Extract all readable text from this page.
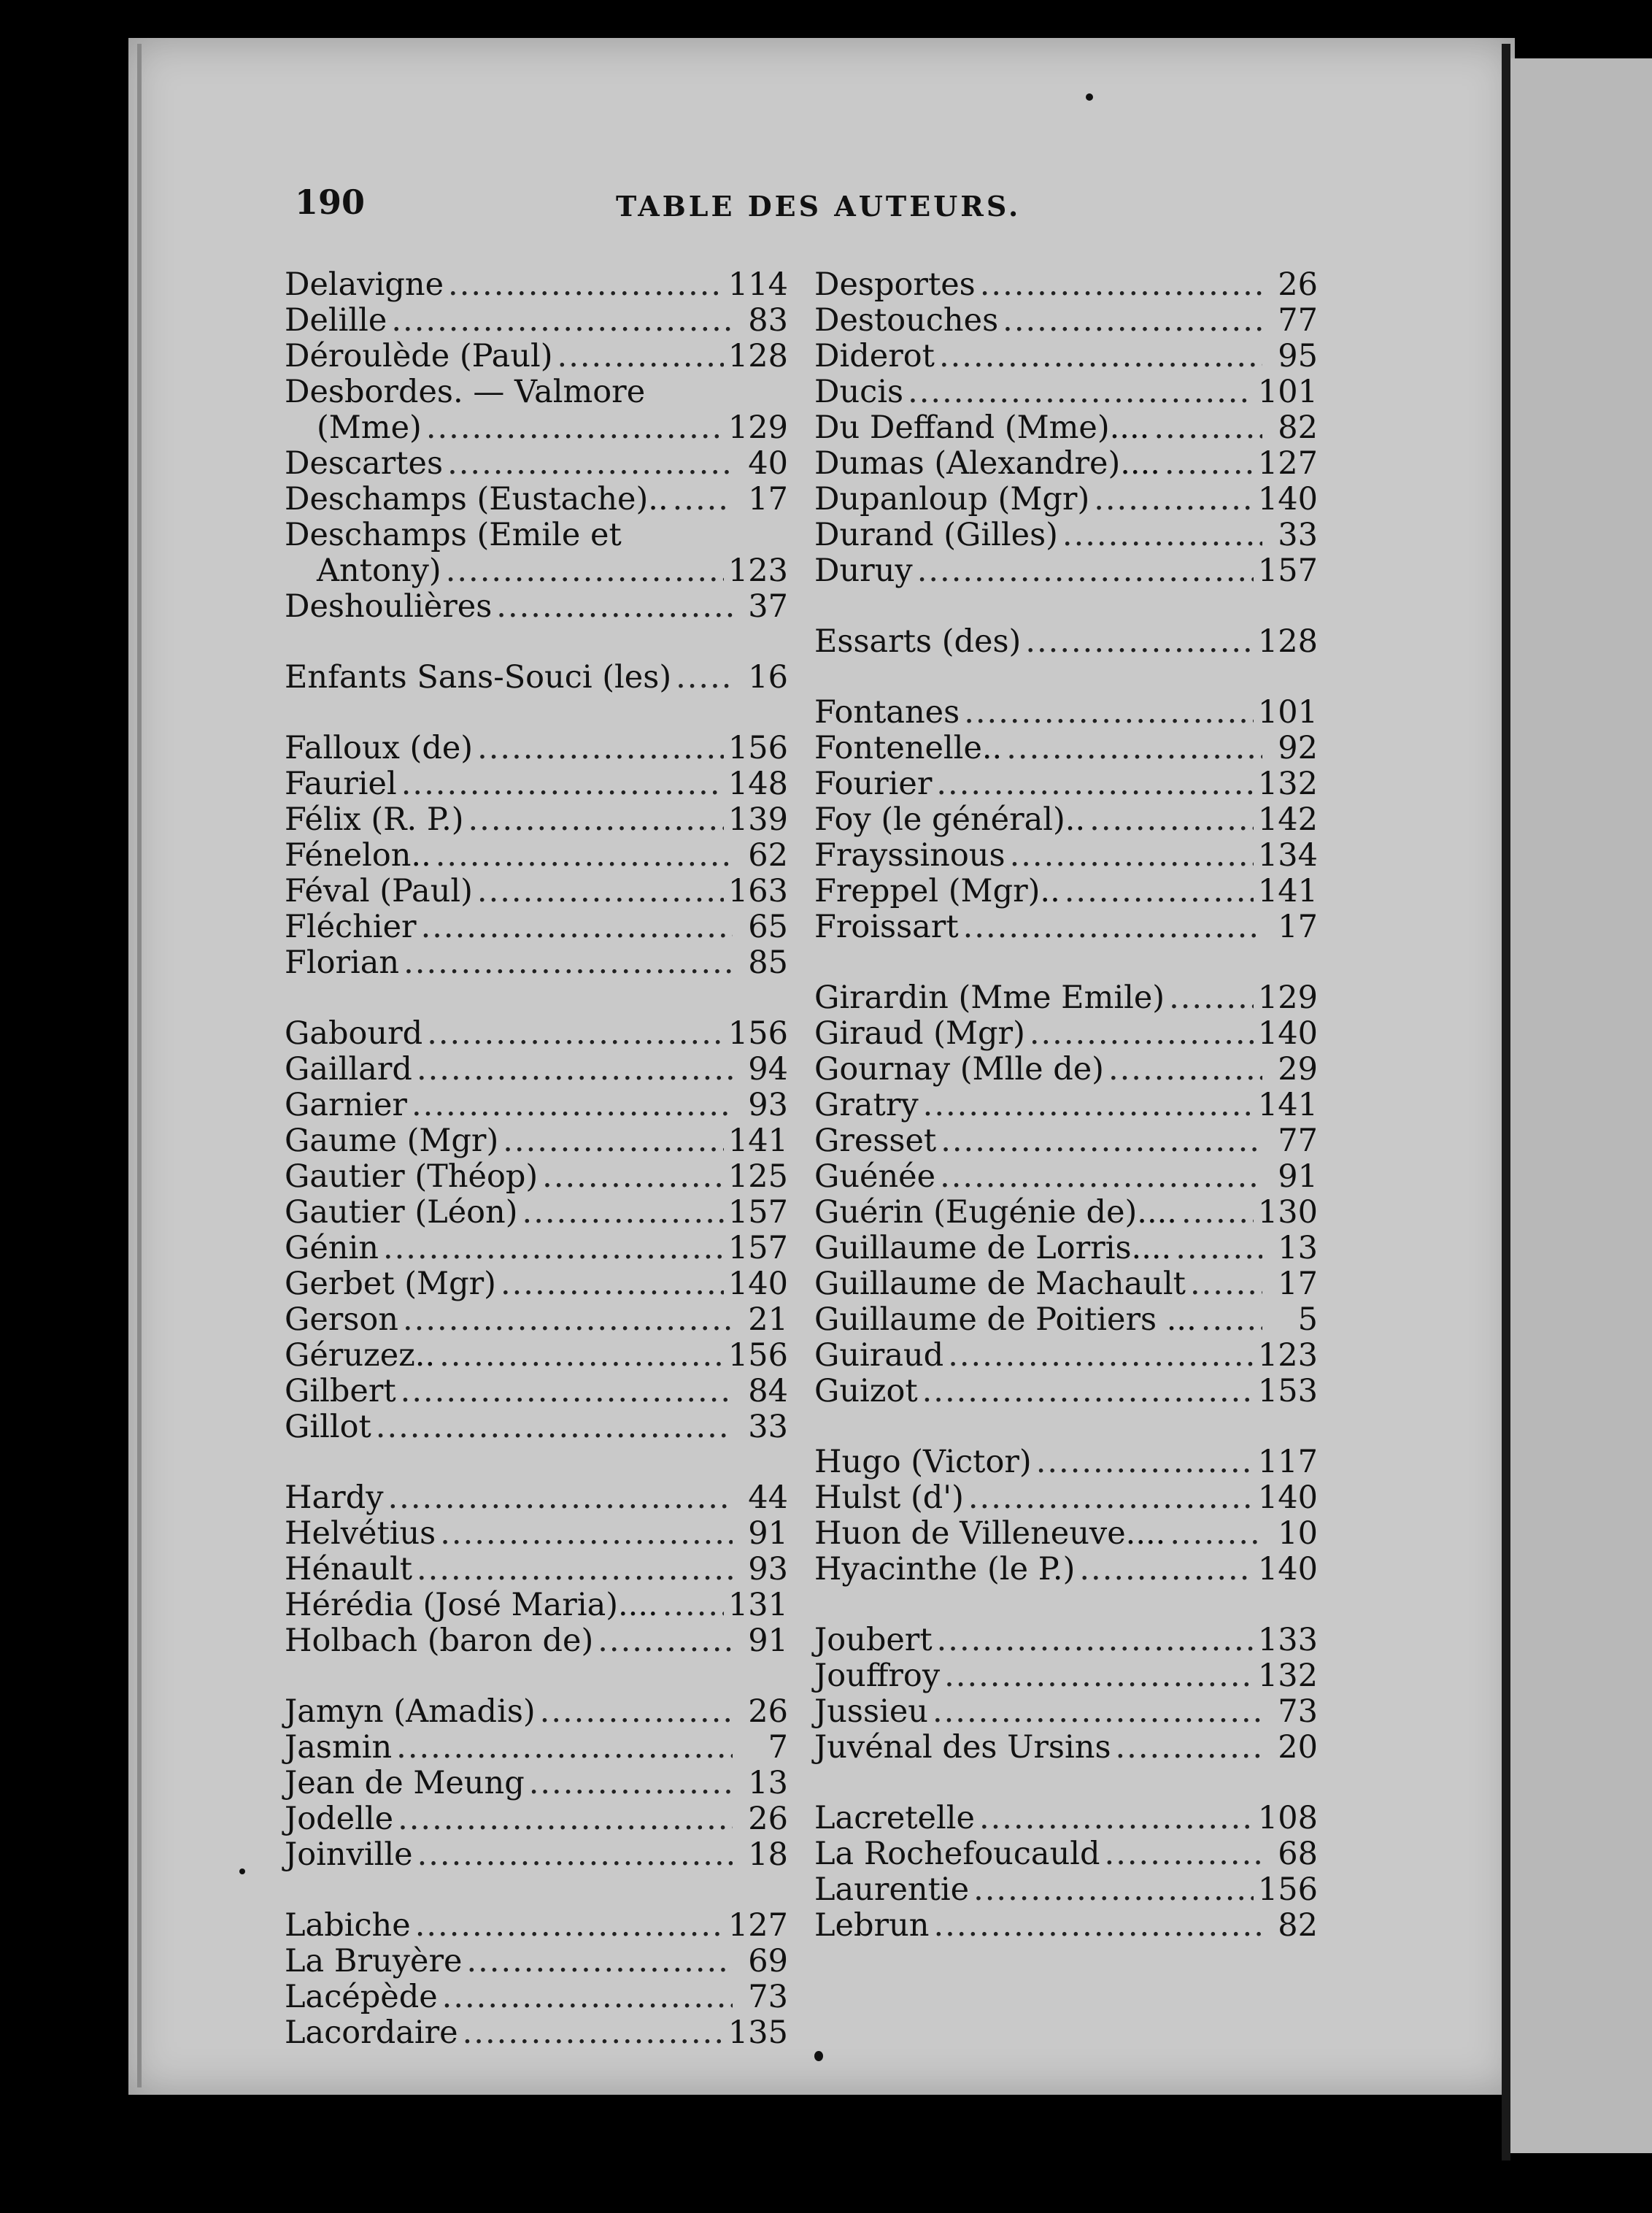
190	TABLE DES AUTEURS.
Delavigne .....	114
Delille .....	83
Déroulède (Paul) .....	128
Desbordes. — Valmore
(Mme) .....	129
Descartes .....	40
Deschamps (Eustache).. .....	17
Deschamps (Emile et
Antony) .....	123
Deshoulières .....	37
Enfants Sans-Souci (les) .....	16
Falloux (de) .....	156
Fauriel .....	148
Félix (R. P.) .....	139
Fénelon.. .....	62
Féval (Paul) .....	163
Fléchier .....	65
Florian .....	85
Gabourd .....	156
Gaillard .....	94
Garnier .....	93
Gaume (Mgr) .....	141
Gautier (Théop) .....	125
Gautier (Léon) .....	157
Génin .....	157
Gerbet (Mgr) .....	140
Gerson .....	21
Géruzez.. .....	156
Gilbert .....	84
Gillot .....	33
Hardy .....	44
Helvétius .....	91
Hénault .....	93
Hérédia (José Maria).... ..... 131
Holbach (baron de) .....	91
Jamyn (Amadis) .....	26
Jasmin .....	7
Jean de Meung .....	13
Jodelle .....	26
Joinville .....	18
Labiche .....	127
La Bruyère .....	69
Lacépède .....	73
Lacordaire .....	135
Desportes .....	26
Destouches .....	77
Diderot .....	95
Ducis .....	101
Du Deffand (Mme).... .....	82
Dumas (Alexandre).... .....	127
Dupanloup (Mgr) .....	140
Durand (Gilles) .....	33
Duruy .....	157
Essarts (des) .....	128
Fontanes .....	101
Fontenelle.. .....	92
Fourier .....	132
Foy (le général).. .....	142
Frayssinous .....	134
Freppel (Mgr).. .....	141
Froissart .....	17
Girardin (Mme Emile) .....	129
Giraud (Mgr) .....	140
Gournay (Mlle de) .....	29
Gratry .....	141
Gresset .....	77
Guénée .....	91
Guérin (Eugénie de).... .....	130
Guillaume de Lorris.... .....	13
Guillaume de Machault .....	17
Guillaume de Poitiers ... .....	5
Guiraud .....	123
Guizot .....	153
Hugo (Victor) .....	117
Hulst (d') .....	140
Huon de Villeneuve.... .....	10
Hyacinthe (le P.) .....	140
Joubert .....	133
Jouffroy .....	132
Jussieu .....	73
Juvénal des Ursins .....	20
Lacretelle .....	108
La Rochefoucauld .....	68
Laurentie .....	156
Lebrun .....	82
